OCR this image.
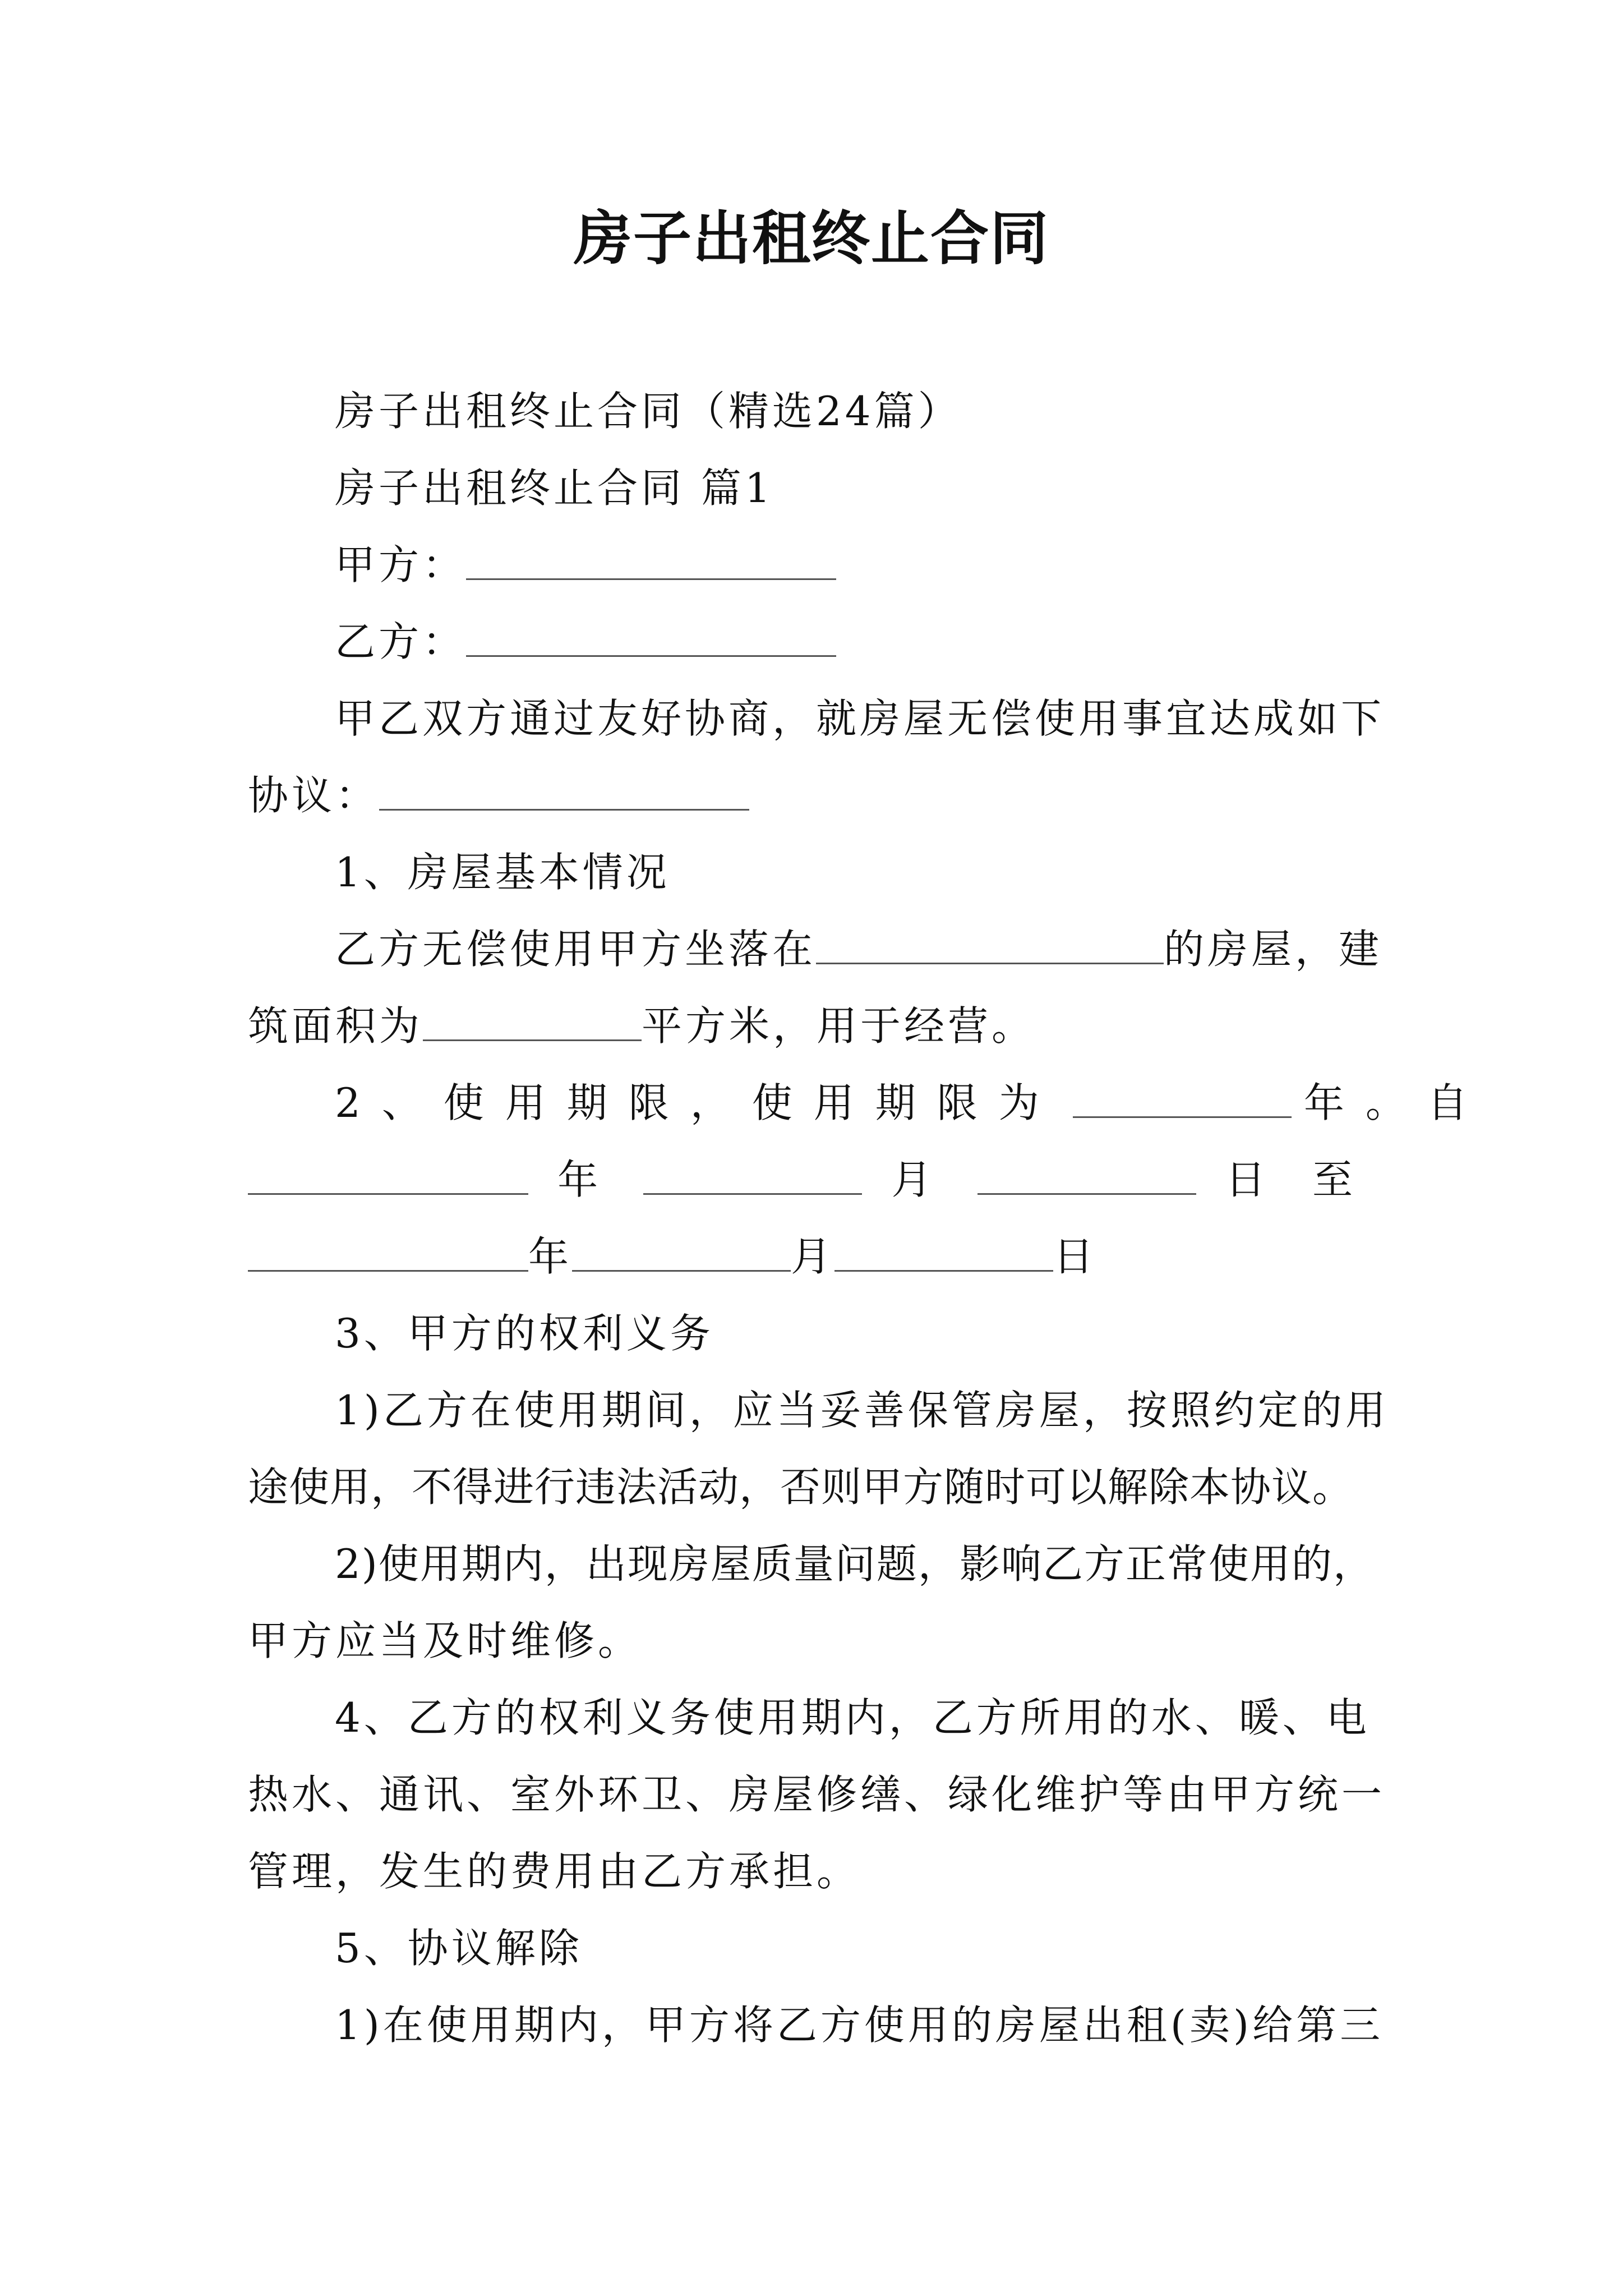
房子出租终止合同

房子出租终止合同（精选24篇）

房子出租终止合同 篇1

甲方：

乙方：

甲乙双方通过友好协商，就房屋无偿使用事宜达成如下

协议：

1、房屋基本情况

乙方无偿使用甲方坐落在	的房屋，建

筑面积为	平方米，用于经营。

2、使用期限，使用期限为	年。自

年	月	日至

年	月	日

3、甲方的权利义务

1)乙方在使用期间，应当妥善保管房屋，按照约定的用

途使用，不得进行违法活动，否则甲方随时可以解除本协议。

2)使用期内，出现房屋质量问题，影响乙方正常使用的，

甲方应当及时维修。

4、乙方的权利义务使用期内，乙方所用的水、暖、电

热水、通讯、室外环卫、房屋修缮、绿化维护等由甲方统一

管理，发生的费用由乙方承担。

5、协议解除

1)在使用期内，甲方将乙方使用的房屋出租(卖)给第三
